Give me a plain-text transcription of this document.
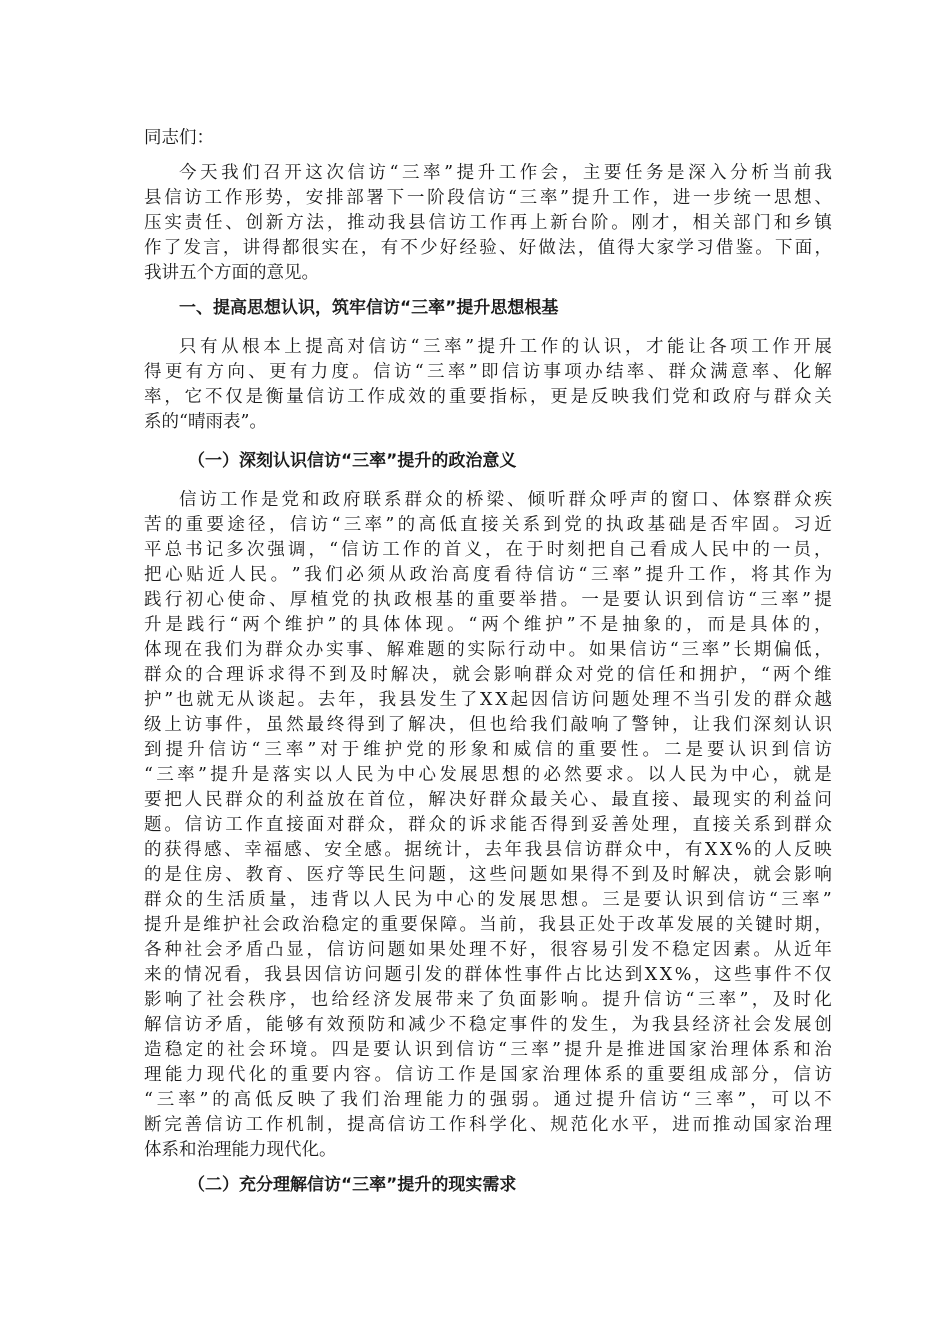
同志们：
今 天 我 们 召 开 这 次 信 访 “ 三 率 ” 提 升 工 作 会 ， 主 要 任 务 是 深 入 分 析 当 前 我
县 信 访 工 作 形 势 ， 安 排 部 署 下 一 阶 段 信 访 “ 三 率 ” 提 升 工 作 ， 进 一 步 统 一 思 想 、
压 实 责 任 、 创 新 方 法 ， 推 动 我 县 信 访 工 作 再 上 新 台 阶 。 刚 才 ， 相 关 部 门 和 乡 镇
作 了 发 言 ， 讲 得 都 很 实 在 ， 有 不 少 好 经 验 、 好 做 法 ， 值 得 大 家 学 习 借 鉴 。 下 面 ，
我讲五个方面的意见。
一、提高思想认识，筑牢信访“三率”提升思想根基
只 有 从 根 本 上 提 高 对 信 访 “ 三 率 ” 提 升 工 作 的 认 识 ， 才 能 让 各 项 工 作 开 展
得 更 有 方 向 、 更 有 力 度 。 信 访 “ 三 率 ” 即 信 访 事 项 办 结 率 、 群 众 满 意 率 、 化 解
率 ， 它 不 仅 是 衡 量 信 访 工 作 成 效 的 重 要 指 标 ， 更 是 反 映 我 们 党 和 政 府 与 群 众 关
系的“晴雨表”。
（一）深刻认识信访“三率”提升的政治意义
信 访 工 作 是 党 和 政 府 联 系 群 众 的 桥 梁 、 倾 听 群 众 呼 声 的 窗 口 、 体 察 群 众 疾
苦 的 重 要 途 径 ， 信 访 “ 三 率 ” 的 高 低 直 接 关 系 到 党 的 执 政 基 础 是 否 牢 固 。 习 近
平 总 书 记 多 次 强 调 ， “ 信 访 工 作 的 首 义 ， 在 于 时 刻 把 自 己 看 成 人 民 中 的 一 员 ，
把 心 贴 近 人 民 。 ” 我 们 必 须 从 政 治 高 度 看 待 信 访 “ 三 率 ” 提 升 工 作 ， 将 其 作 为
践 行 初 心 使 命 、 厚 植 党 的 执 政 根 基 的 重 要 举 措 。 一 是 要 认 识 到 信 访 “ 三 率 ” 提
升 是 践 行 “ 两 个 维 护 ” 的 具 体 体 现 。 “ 两 个 维 护 ” 不 是 抽 象 的 ， 而 是 具 体 的 ，
体 现 在 我 们 为 群 众 办 实 事 、 解 难 题 的 实 际 行 动 中 。 如 果 信 访 “ 三 率 ” 长 期 偏 低 ，
群 众 的 合 理 诉 求 得 不 到 及 时 解 决 ， 就 会 影 响 群 众 对 党 的 信 任 和 拥 护 ， “ 两 个 维
护 ” 也 就 无 从 谈 起 。 去 年 ， 我 县 发 生 了 X X 起 因 信 访 问 题 处 理 不 当 引 发 的 群 众 越
级 上 访 事 件 ， 虽 然 最 终 得 到 了 解 决 ， 但 也 给 我 们 敲 响 了 警 钟 ， 让 我 们 深 刻 认 识
到 提 升 信 访 “ 三 率 ” 对 于 维 护 党 的 形 象 和 威 信 的 重 要 性 。 二 是 要 认 识 到 信 访
“ 三 率 ” 提 升 是 落 实 以 人 民 为 中 心 发 展 思 想 的 必 然 要 求 。 以 人 民 为 中 心 ， 就 是
要 把 人 民 群 众 的 利 益 放 在 首 位 ， 解 决 好 群 众 最 关 心 、 最 直 接 、 最 现 实 的 利 益 问
题 。 信 访 工 作 直 接 面 对 群 众 ， 群 众 的 诉 求 能 否 得 到 妥 善 处 理 ， 直 接 关 系 到 群 众
的 获 得 感 、 幸 福 感 、 安 全 感 。 据 统 计 ， 去 年 我 县 信 访 群 众 中 ， 有 X X % 的 人 反 映
的 是 住 房 、 教 育 、 医 疗 等 民 生 问 题 ， 这 些 问 题 如 果 得 不 到 及 时 解 决 ， 就 会 影 响
群 众 的 生 活 质 量 ， 违 背 以 人 民 为 中 心 的 发 展 思 想 。 三 是 要 认 识 到 信 访 “ 三 率 ”
提 升 是 维 护 社 会 政 治 稳 定 的 重 要 保 障 。 当 前 ， 我 县 正 处 于 改 革 发 展 的 关 键 时 期 ，
各 种 社 会 矛 盾 凸 显 ， 信 访 问 题 如 果 处 理 不 好 ， 很 容 易 引 发 不 稳 定 因 素 。 从 近 年
来 的 情 况 看 ， 我 县 因 信 访 问 题 引 发 的 群 体 性 事 件 占 比 达 到 X X % ， 这 些 事 件 不 仅
影 响 了 社 会 秩 序 ， 也 给 经 济 发 展 带 来 了 负 面 影 响 。 提 升 信 访 “ 三 率 ” ， 及 时 化
解 信 访 矛 盾 ， 能 够 有 效 预 防 和 减 少 不 稳 定 事 件 的 发 生 ， 为 我 县 经 济 社 会 发 展 创
造 稳 定 的 社 会 环 境 。 四 是 要 认 识 到 信 访 “ 三 率 ” 提 升 是 推 进 国 家 治 理 体 系 和 治
理 能 力 现 代 化 的 重 要 内 容 。 信 访 工 作 是 国 家 治 理 体 系 的 重 要 组 成 部 分 ， 信 访
“ 三 率 ” 的 高 低 反 映 了 我 们 治 理 能 力 的 强 弱 。 通 过 提 升 信 访 “ 三 率 ” ， 可 以 不
断 完 善 信 访 工 作 机 制 ， 提 高 信 访 工 作 科 学 化 、 规 范 化 水 平 ， 进 而 推 动 国 家 治 理
体系和治理能力现代化。
（二）充分理解信访“三率”提升的现实需求
